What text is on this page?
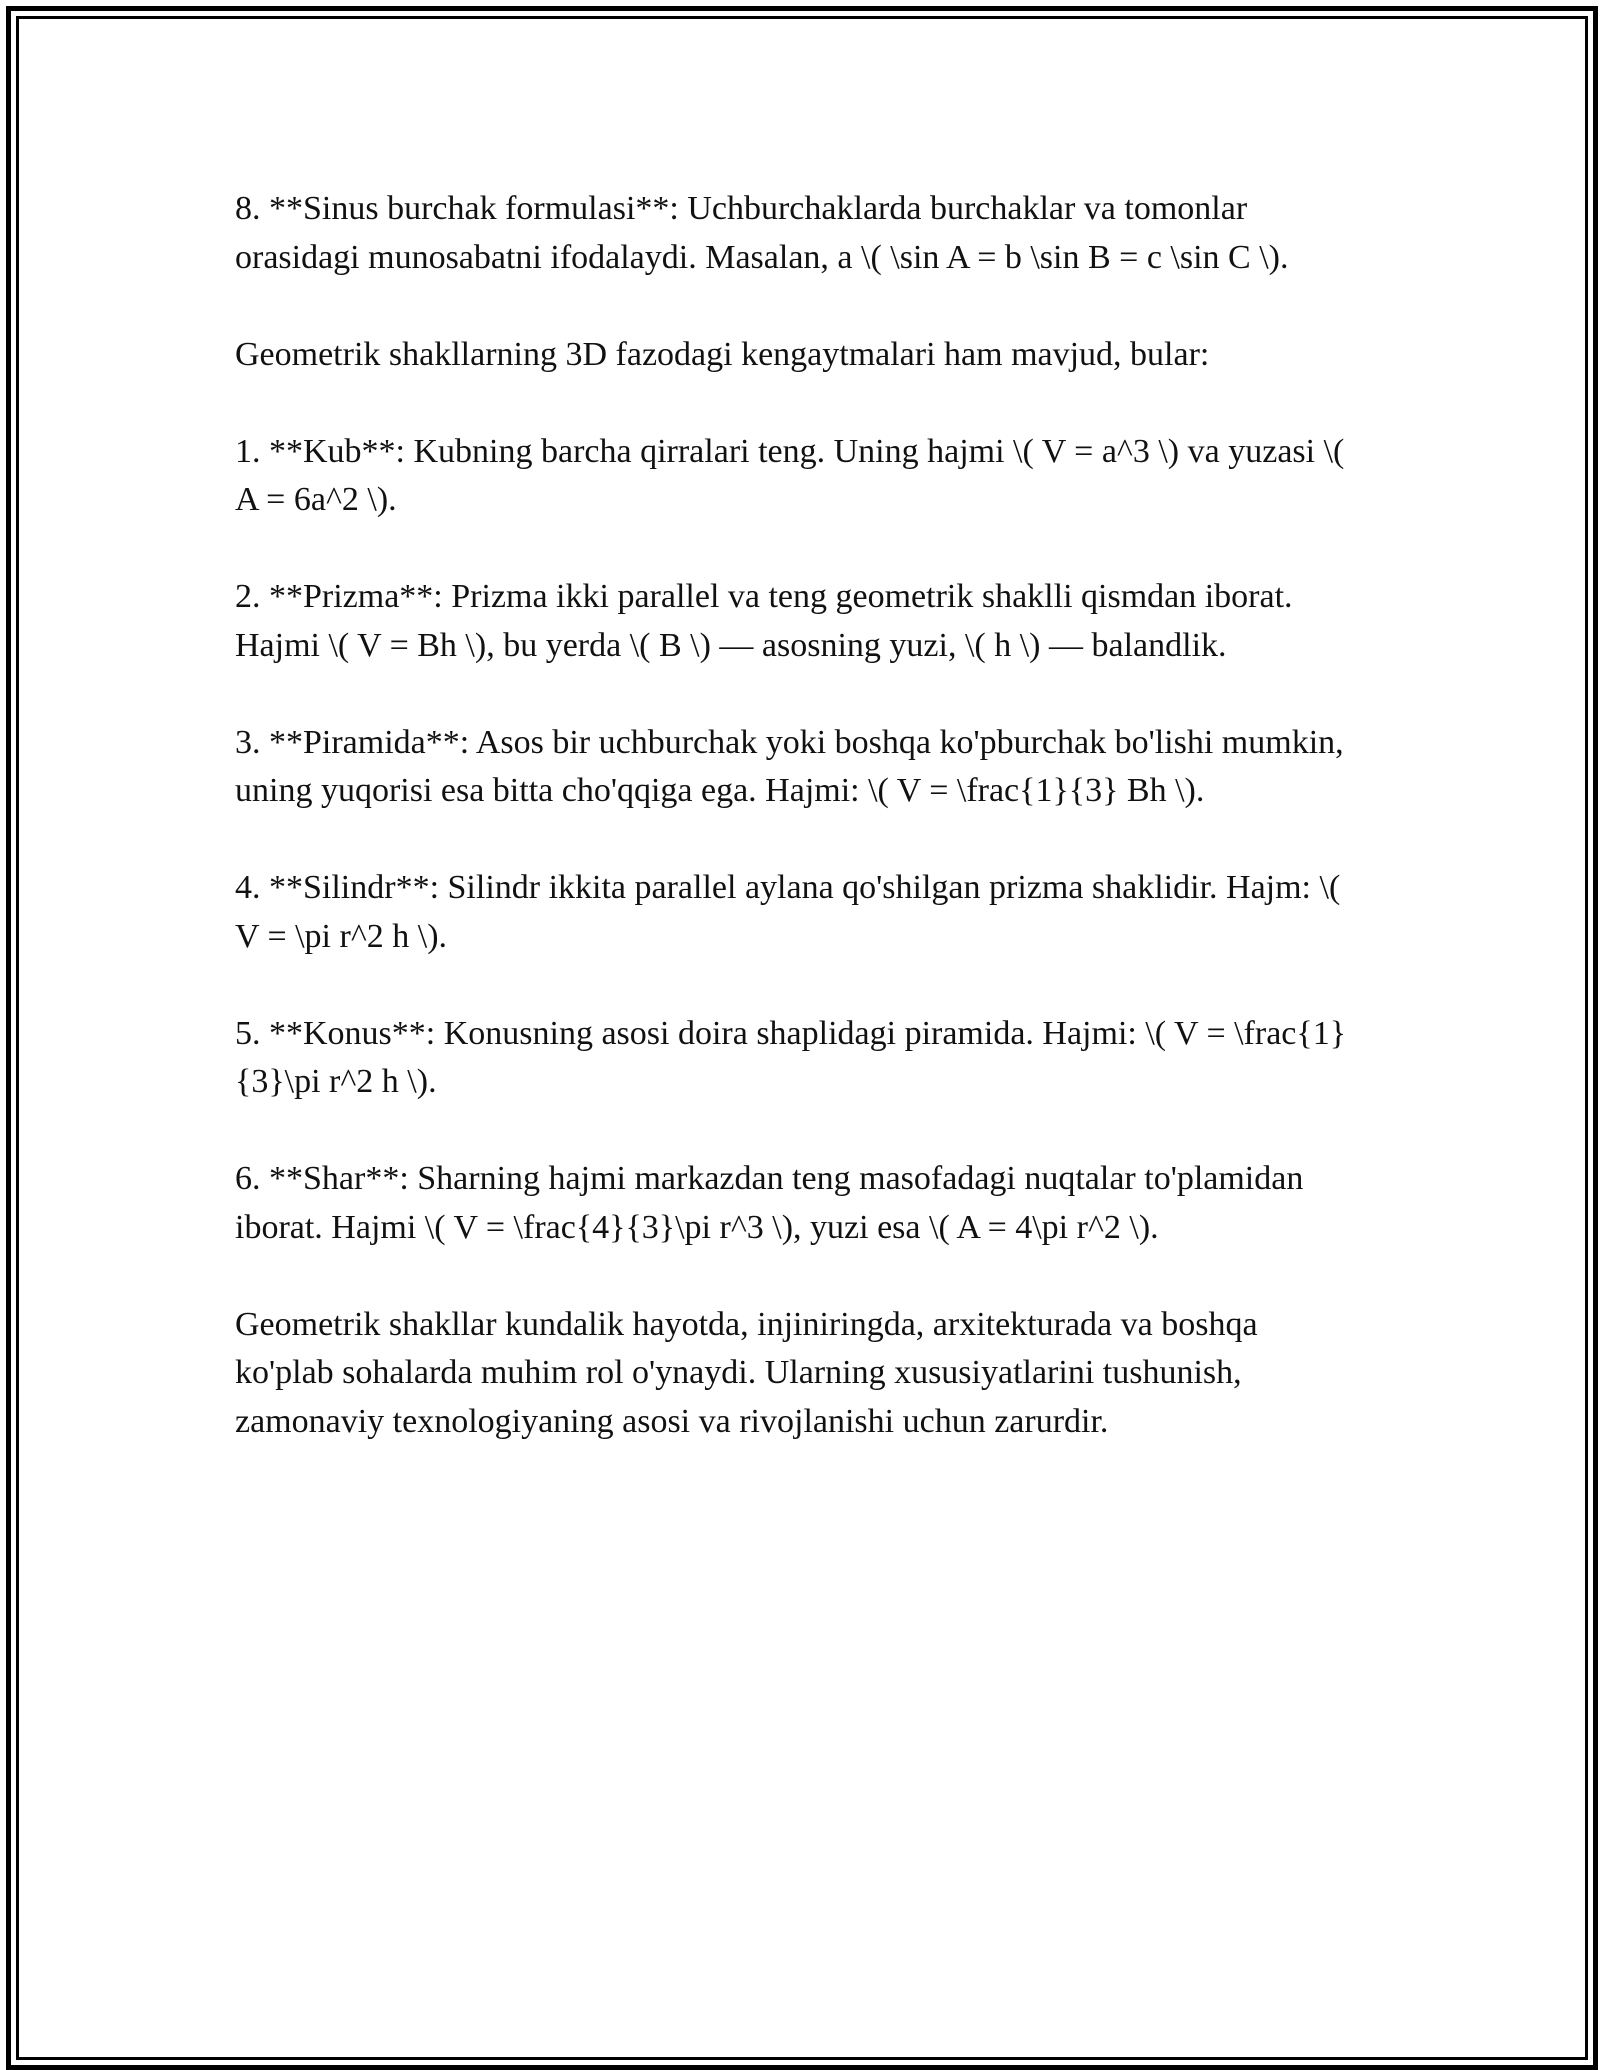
8. **Sinus burchak formulasi**: Uchburchaklarda burchaklar va tomonlar orasidagi munosabatni ifodalaydi. Masalan, a \( \sin A = b \sin B = c \sin C \).

Geometrik shakllarning 3D fazodagi kengaytmalari ham mavjud, bular:

1. **Kub**: Kubning barcha qirralari teng. Uning hajmi \( V = a^3 \) va yuzasi \( A = 6a^2 \).

2. **Prizma**: Prizma ikki parallel va teng geometrik shaklli qismdan iborat. Hajmi \( V = Bh \), bu yerda \( B \) — asosning yuzi, \( h \) — balandlik.

3. **Piramida**: Asos bir uchburchak yoki boshqa ko'pburchak bo'lishi mumkin, uning yuqorisi esa bitta cho'qqiga ega. Hajmi: \( V = \frac{1}{3} Bh \).

4. **Silindr**: Silindr ikkita parallel aylana qo'shilgan prizma shaklidir. Hajm: \( V = \pi r^2 h \).

5. **Konus**: Konusning asosi doira shaplidagi piramida. Hajmi: \( V = \frac{1}{3}\pi r^2 h \).

6. **Shar**: Sharning hajmi markazdan teng masofadagi nuqtalar to'plamidan iborat. Hajmi \( V = \frac{4}{3}\pi r^3 \), yuzi esa \( A = 4\pi r^2 \).

Geometrik shakllar kundalik hayotda, injiniringda, arxitekturada va boshqa ko'plab sohalarda muhim rol o'ynaydi. Ularning xususiyatlarini tushunish, zamonaviy texnologiyaning asosi va rivojlanishi uchun zarurdir.
